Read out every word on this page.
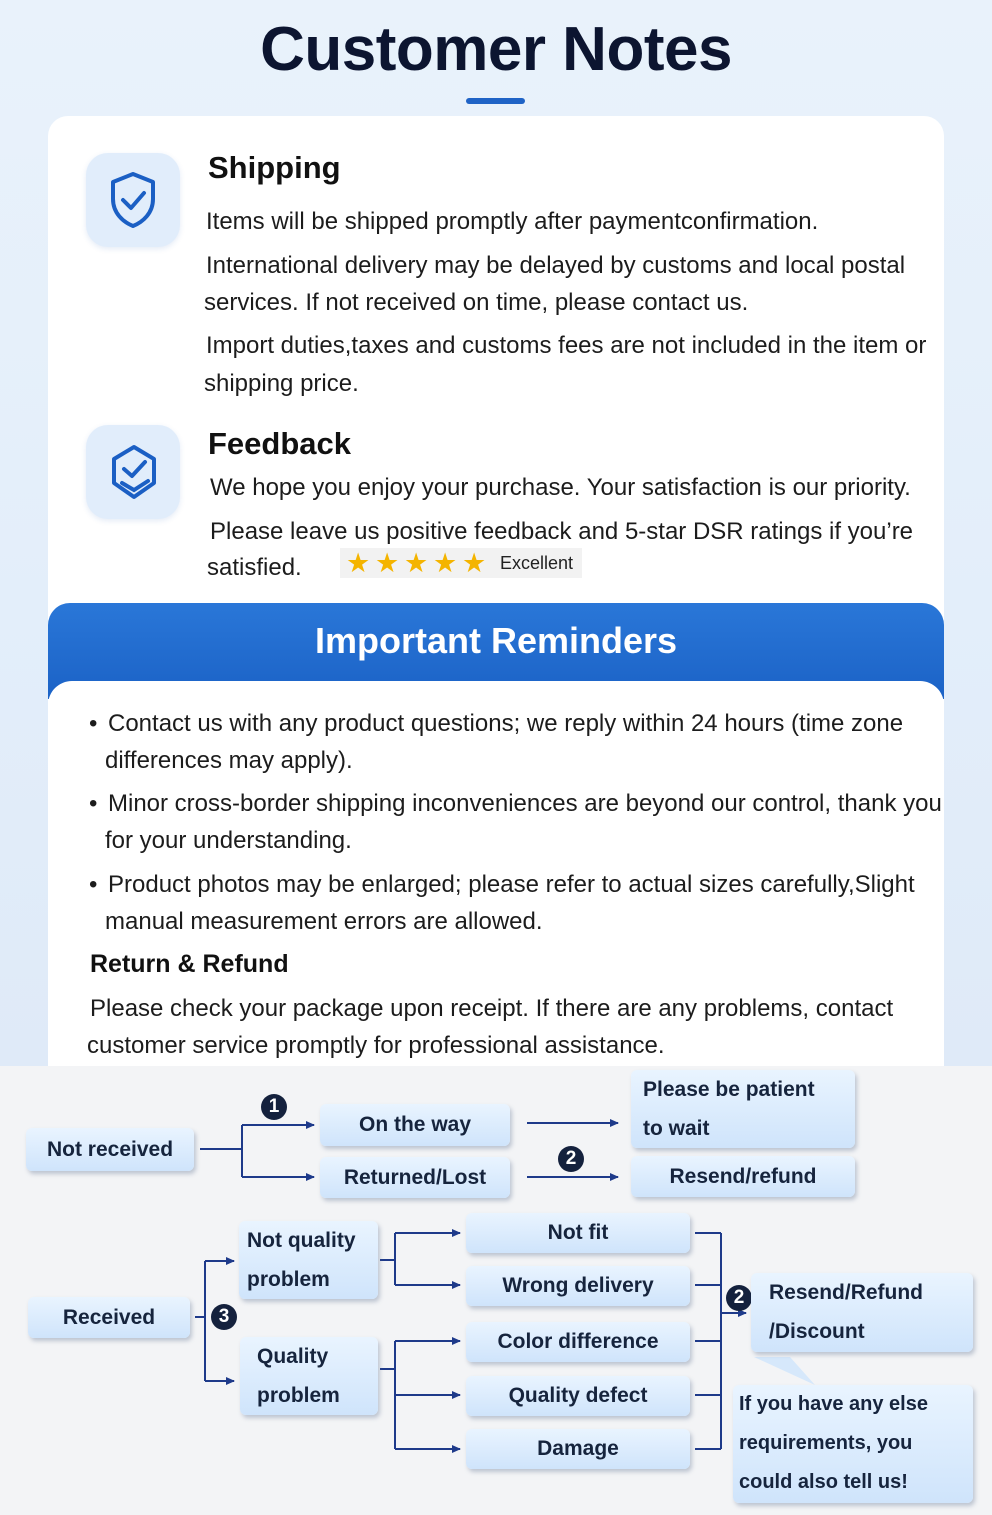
Customer Notes
Shipping
Items will be shipped promptly after paymentconfirmation.
International delivery may be delayed by customs and local postal
services. If not received on time, please contact us.
Import duties,taxes and customs fees are not included in the item or
shipping price.
Feedback
We hope you enjoy your purchase. Your satisfaction is our priority.
Please leave us positive feedback and 5-star DSR ratings if you’re
satisfied. ★ ★ ★ ★ ★ Excellent
Important Reminders
• Contact us with any product questions; we reply within 24 hours (time zone
differences may apply).
• Minor cross-border shipping inconveniences are beyond our control, thank you
for your understanding.
• Product photos may be enlarged; please refer to actual sizes carefully,Slight
manual measurement errors are allowed.
Return & Refund
Please check your package upon receipt. If there are any problems, contact
customer service promptly for professional assistance.
1
2
3
2
Not received
On the way
Returned/Lost
Please be patient
to wait
Resend/refund
Received
Not quality
problem
Quality
problem
Not fit
Wrong delivery
Color difference
Quality defect
Damage
Resend/Refund
/Discount
If you have any else
requirements, you
could also tell us!
